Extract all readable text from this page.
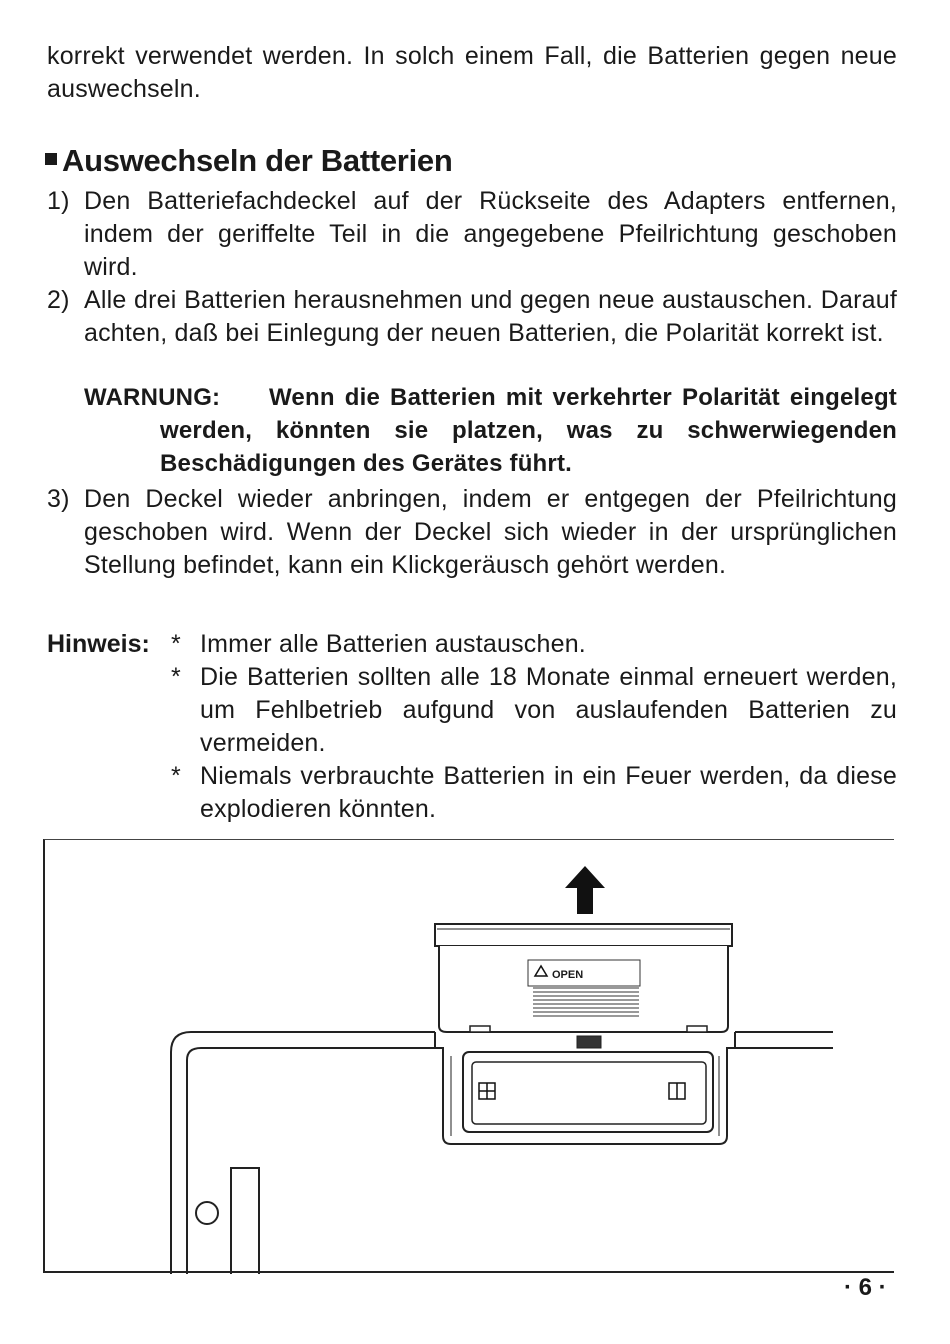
korrekt verwendet werden. In solch einem Fall, die Batterien gegen neue auswechseln.
Auswechseln der Batterien
1) Den Batteriefachdeckel auf der Rückseite des Adapters entfernen, indem der geriffelte Teil in die angegebene Pfeilrichtung geschoben wird.
2) Alle drei Batterien herausnehmen und gegen neue austauschen. Darauf achten, daß bei Einlegung der neuen Batterien, die Polarität korrekt ist.
WARNUNG:	Wenn die Batterien mit verkehrter Polarität eingelegt werden, könnten sie platzen, was zu schwerwiegenden Beschädigungen des Gerätes führt.
3) Den Deckel wieder anbringen, indem er entgegen der Pfeilrichtung geschoben wird. Wenn der Deckel sich wieder in der ursprünglichen Stellung befindet, kann ein Klickgeräusch gehört werden.
Hinweis: * Immer alle Batterien austauschen.
* Die Batterien sollten alle 18 Monate einmal erneuert werden, um Fehlbetrieb aufgund von auslaufenden Batterien zu vermeiden.
* Niemals verbrauchte Batterien in ein Feuer werden, da diese explodieren könnten.
OPEN
· 6 ·
